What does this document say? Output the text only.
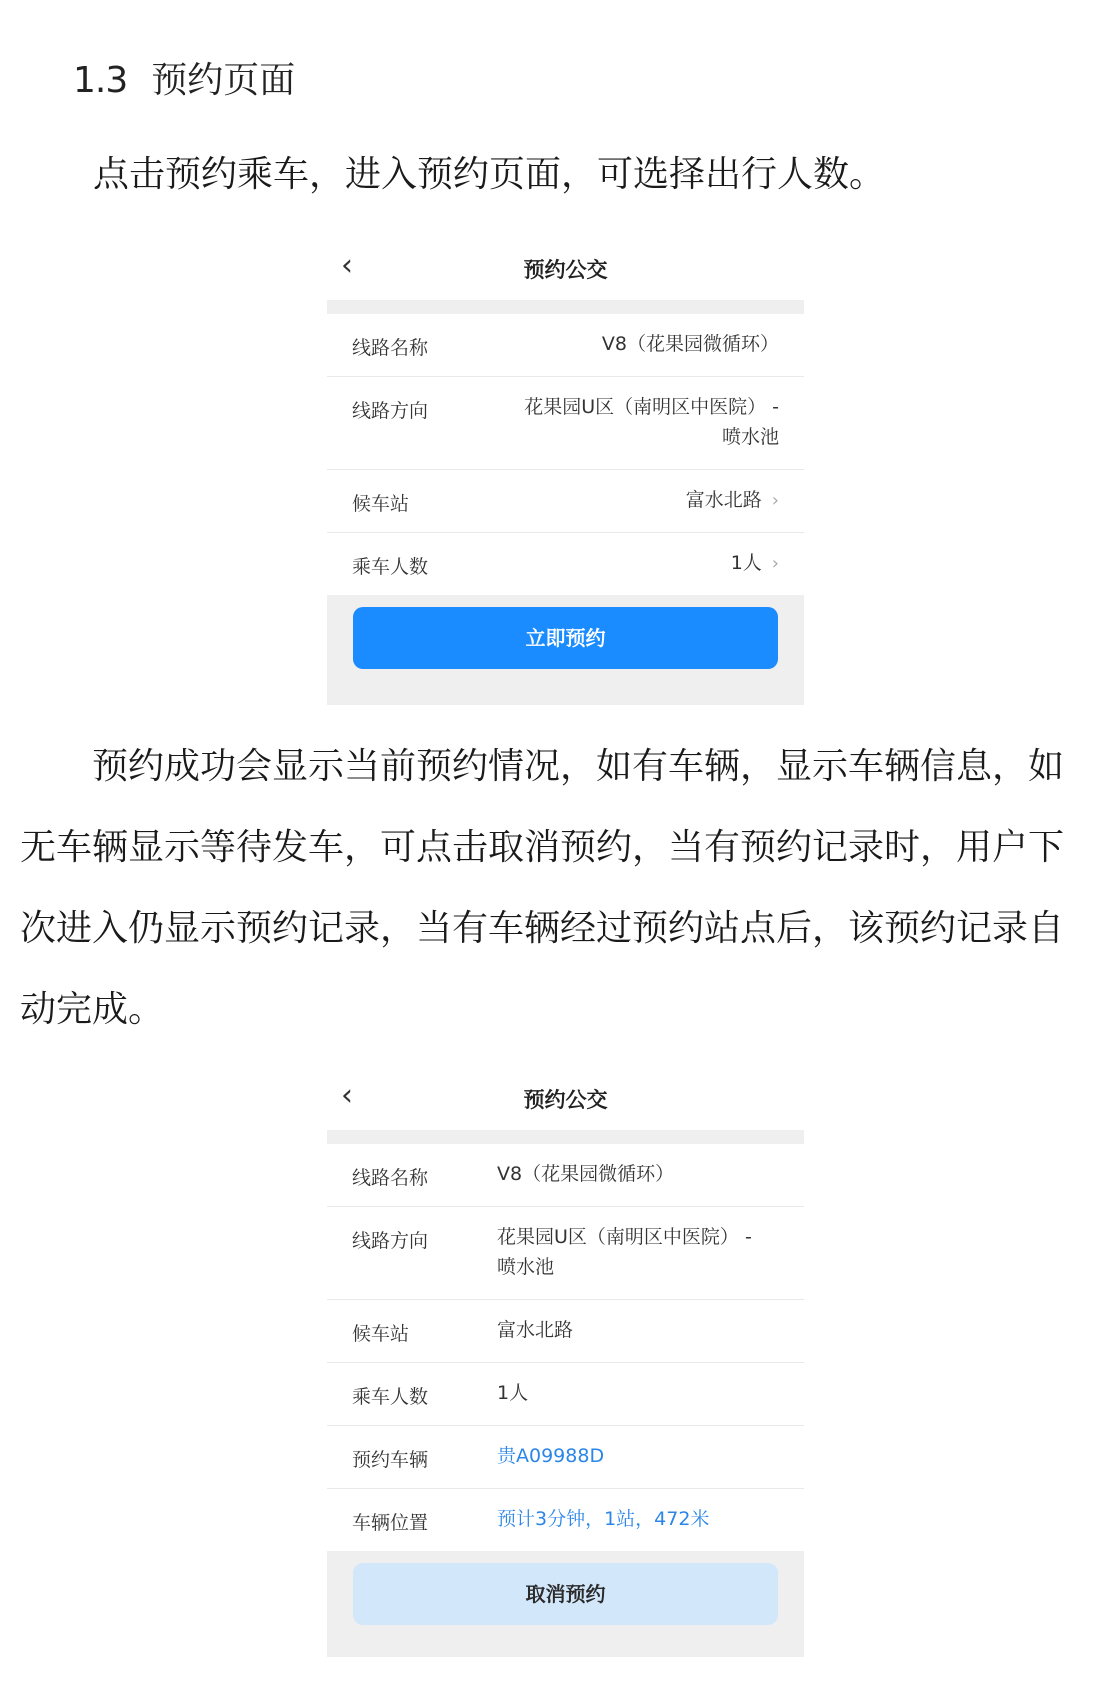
1.3 预约页面
点击预约乘车，进入预约页面，可选择出行人数。
‹	预约公交
线路名称	V8（花果园微循环）
线路方向	花果园U区（南明区中医院） -
喷水池
候车站	富水北路 ›
乘车人数	1人 ›
立即预约
　　预约成功会显示当前预约情况，如有车辆，显示车辆信息，如
无车辆显示等待发车，可点击取消预约，当有预约记录时，用户下
次进入仍显示预约记录，当有车辆经过预约站点后，该预约记录自
动完成。
‹	预约公交
线路名称	V8（花果园微循环）
线路方向	花果园U区（南明区中医院） -
喷水池
候车站	富水北路
乘车人数	1人
预约车辆	贵A09988D
车辆位置	预计3分钟，1站，472米
取消预约
